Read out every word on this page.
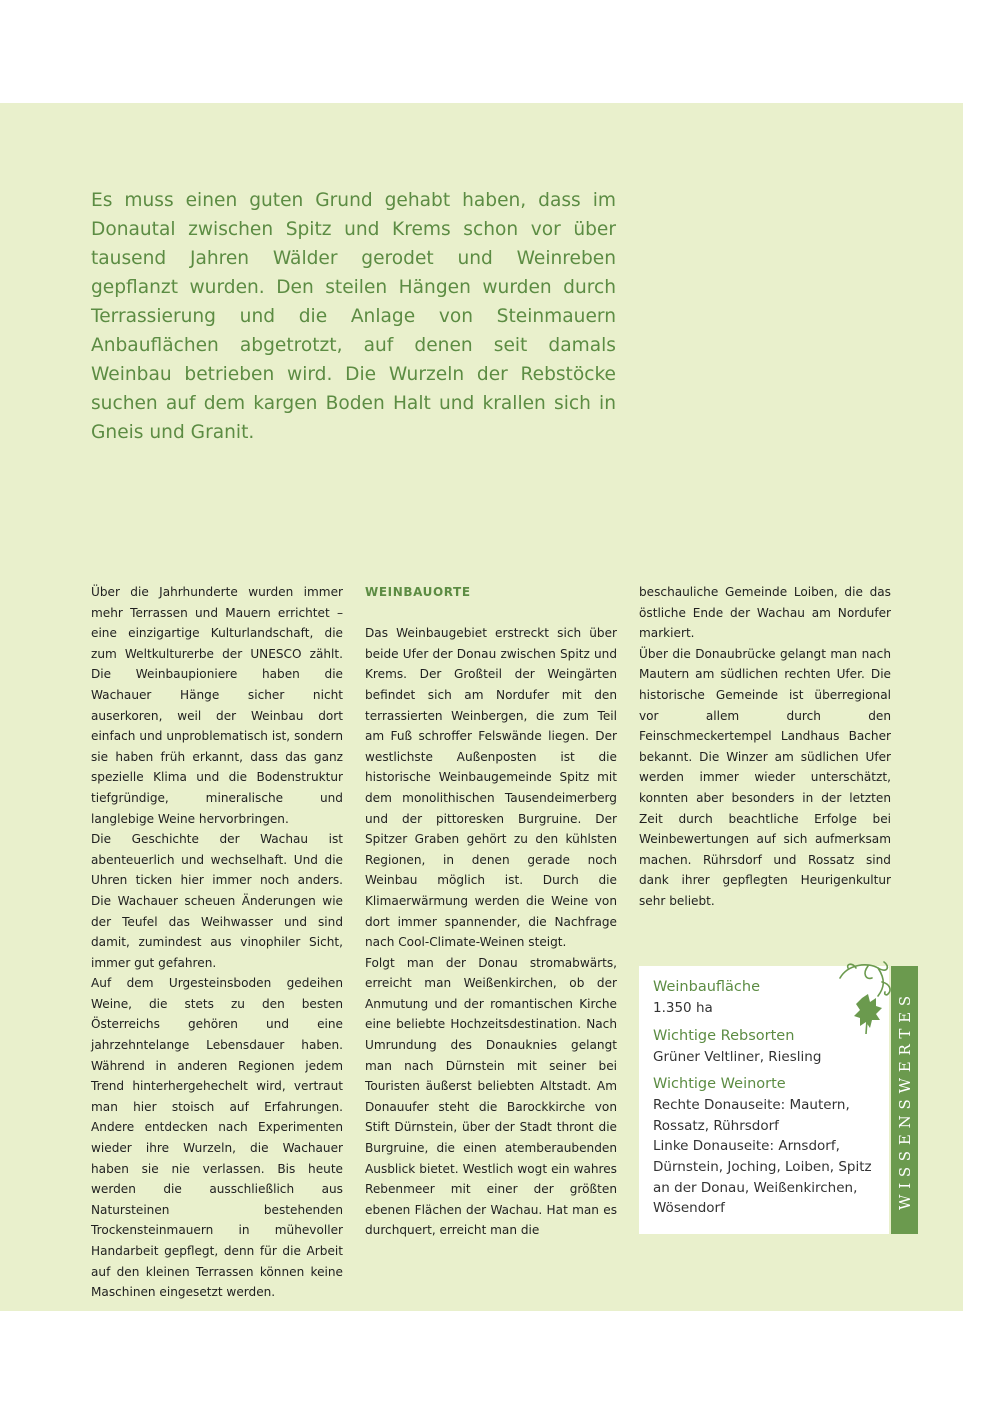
Es muss einen guten Grund gehabt haben, dass im Donautal zwischen Spitz und Krems schon vor über tausend Jahren Wälder gerodet und Weinreben gepflanzt wurden. Den steilen Hängen wurden durch Terrassierung und die Anlage von Steinmauern Anbauflächen abgetrotzt, auf denen seit damals Weinbau betrieben wird. Die Wurzeln der Rebstöcke suchen auf dem kargen Boden Halt und krallen sich in Gneis und Granit.

Über die Jahrhunderte wurden immer mehr Terrassen und Mauern errichtet – eine einzigartige Kulturlandschaft, die zum Weltkulturerbe der UNESCO zählt. Die Weinbaupioniere haben die Wachauer Hänge sicher nicht auserkoren, weil der Weinbau dort einfach und unproblematisch ist, sondern sie haben früh erkannt, dass das ganz spezielle Klima und die Bodenstruktur tiefgründige, mineralische und langlebige Weine hervorbringen.

Die Geschichte der Wachau ist abenteuerlich und wechselhaft. Und die Uhren ticken hier immer noch anders. Die Wachauer scheuen Änderungen wie der Teufel das Weihwasser und sind damit, zumindest aus vinophiler Sicht, immer gut gefahren.

Auf dem Urgesteinsboden gedeihen Weine, die stets zu den besten Österreichs gehören und eine jahrzehntelange Lebensdauer haben. Während in anderen Regionen jedem Trend hinterhergehechelt wird, vertraut man hier stoisch auf Erfahrungen. Andere entdecken nach Experimenten wieder ihre Wurzeln, die Wachauer haben sie nie verlassen. Bis heute werden die ausschließlich aus Natursteinen bestehenden Trockensteinmauern in mühevoller Handarbeit gepflegt, denn für die Arbeit auf den kleinen Terrassen können keine Maschinen eingesetzt werden.

WEINBAUORTE

Das Weinbaugebiet erstreckt sich über beide Ufer der Donau zwischen Spitz und Krems. Der Großteil der Weingärten befindet sich am Nordufer mit den terrassierten Weinbergen, die zum Teil am Fuß schroffer Felswände liegen. Der westlichste Außenposten ist die historische Weinbaugemeinde Spitz mit dem monolithischen Tausendeimerberg und der pittoresken Burgruine. Der Spitzer Graben gehört zu den kühlsten Regionen, in denen gerade noch Weinbau möglich ist. Durch die Klimaerwärmung werden die Weine von dort immer spannender, die Nachfrage nach Cool-Climate-Weinen steigt.

Folgt man der Donau stromabwärts, erreicht man Weißenkirchen, ob der Anmutung und der romantischen Kirche eine beliebte Hochzeitsdestination. Nach Umrundung des Donauknies gelangt man nach Dürnstein mit seiner bei Touristen äußerst beliebten Altstadt. Am Donauufer steht die Barockkirche von Stift Dürnstein, über der Stadt thront die Burgruine, die einen atemberaubenden Ausblick bietet. Westlich wogt ein wahres Rebenmeer mit einer der größten ebenen Flächen der Wachau. Hat man es durchquert, erreicht man die

beschauliche Gemeinde Loiben, die das östliche Ende der Wachau am Nordufer markiert.

Über die Donaubrücke gelangt man nach Mautern am südlichen rechten Ufer. Die historische Gemeinde ist überregional vor allem durch den Feinschmeckertempel Landhaus Bacher bekannt. Die Winzer am südlichen Ufer werden immer wieder unterschätzt, konnten aber besonders in der letzten Zeit durch beachtliche Erfolge bei Weinbewertungen auf sich aufmerksam machen. Rührsdorf und Rossatz sind dank ihrer gepflegten Heurigenkultur sehr beliebt.

Weinbaufläche

1.350 ha

Wichtige Rebsorten

Grüner Veltliner, Riesling

Wichtige Weinorte

Rechte Donauseite: Mautern, Rossatz, Rührsdorf

Linke Donauseite: Arnsdorf, Dürnstein, Joching, Loiben, Spitz an der Donau, Weißenkirchen, Wösendorf	WISSENSWERTES
